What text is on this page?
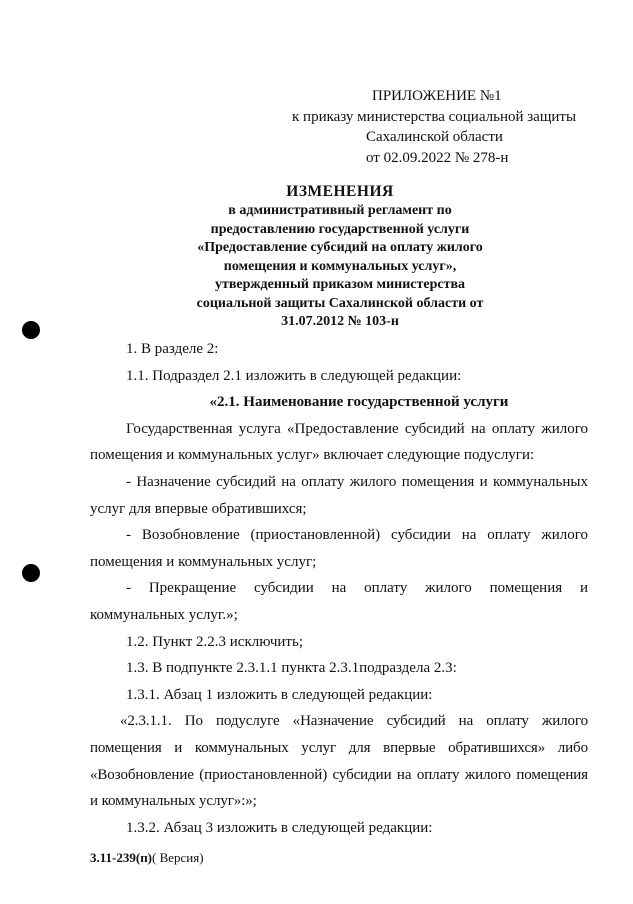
ПРИЛОЖЕНИЕ №1
к приказу министерства социальной защиты
Сахалинской области
от 02.09.2022 № 278-н
ИЗМЕНЕНИЯ
в административный регламент по
предоставлению государственной услуги
«Предоставление субсидий на оплату жилого
помещения и коммунальных услуг»,
утвержденный приказом министерства
социальной защиты Сахалинской области от
31.07.2012 № 103-н

1. В разделе 2:

1.1. Подраздел 2.1 изложить в следующей редакции:

«2.1. Наименование государственной услуги

Государственная услуга «Предоставление субсидий на оплату жилого помещения и коммунальных услуг» включает следующие подуслуги:

- Назначение субсидий на оплату жилого помещения и коммунальных услуг для впервые обратившихся;

- Возобновление (приостановленной) субсидии на оплату жилого помещения и коммунальных услуг;

- Прекращение субсидии на оплату жилого помещения и

коммунальных услуг.»;

1.2. Пункт 2.2.3 исключить;

1.3. В подпункте 2.3.1.1 пункта 2.3.1подраздела 2.3:

1.3.1. Абзац 1 изложить в следующей редакции:

«2.3.1.1. По подуслуге «Назначение субсидий на оплату жилого помещения и коммунальных услуг для впервые обратившихся» либо «Возобновление (приостановленной) субсидии на оплату жилого помещения и коммунальных услуг»:»;

1.3.2. Абзац 3 изложить в следующей редакции:

3.11-239(п)( Версия)
